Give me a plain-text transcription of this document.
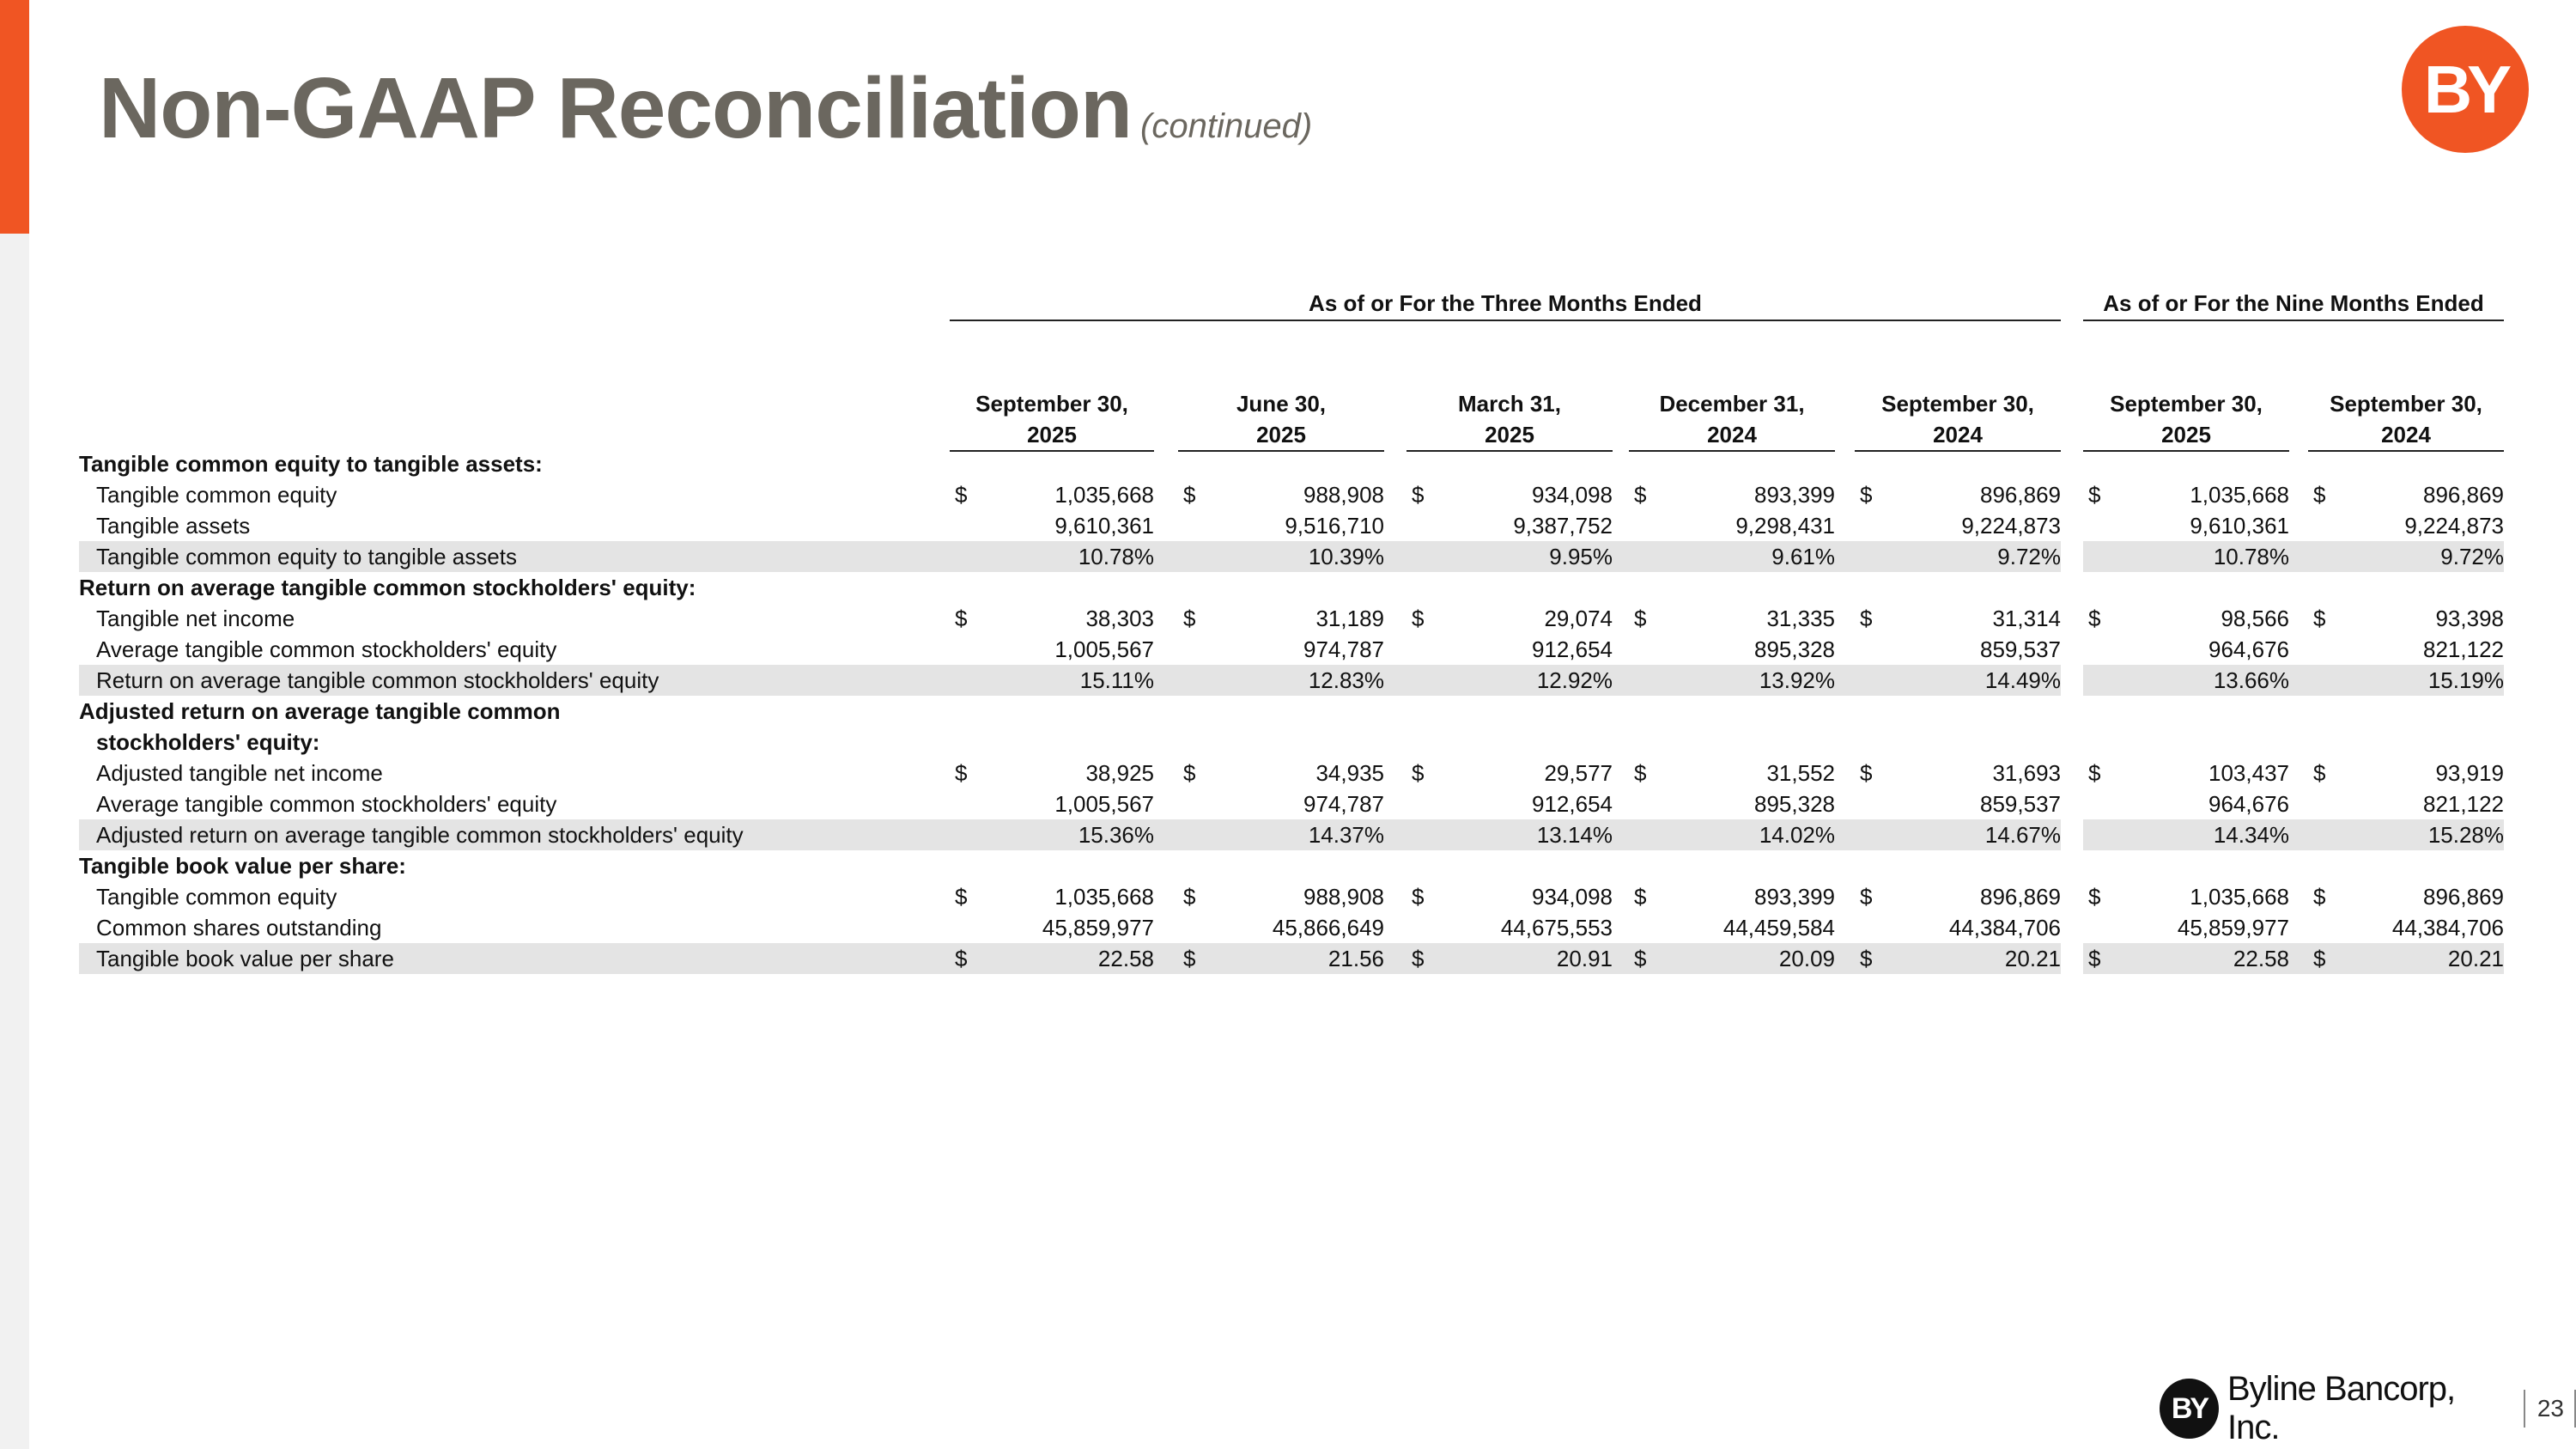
Non-GAAP Reconciliation (continued)	BY
As of or For the Three Months Ended	As of or For the Nine Months Ended
September 30,
2025
June 30,
2025
March 31,
2025
December 31,
2024
September 30,
2024
September 30,
2025
September 30,
2024
Tangible common equity to tangible assets:
Tangible common equity	$	1,035,668 $	988,908 $	934,098 $	893,399 $	896,869 $	1,035,668 $	896,869
Tangible assets	9,610,361	9,516,710	9,387,752	9,298,431	9,224,873	9,610,361	9,224,873
Tangible common equity to tangible assets	10.78%	10.39%	9.95%	9.61%	9.72%	10.78%	9.72%
Return on average tangible common stockholders' equity:
Tangible net income	$	38,303 $	31,189 $	29,074 $	31,335 $	31,314 $	98,566 $	93,398
Average tangible common stockholders' equity	1,005,567	974,787	912,654	895,328	859,537	964,676	821,122
Return on average tangible common stockholders' equity	15.11%	12.83%	12.92%	13.92%	14.49%	13.66%	15.19%
Adjusted return on average tangible common
stockholders' equity:
Adjusted tangible net income	$	38,925 $	34,935 $	29,577 $	31,552 $	31,693 $	103,437 $	93,919
Average tangible common stockholders' equity	1,005,567	974,787	912,654	895,328	859,537	964,676	821,122
Adjusted return on average tangible common stockholders' equity	15.36%	14.37%	13.14%	14.02%	14.67%	14.34%	15.28%
Tangible book value per share:
Tangible common equity	$	1,035,668 $	988,908 $	934,098 $	893,399 $	896,869 $	1,035,668 $	896,869
Common shares outstanding	45,859,977	45,866,649	44,675,553	44,459,584	44,384,706	45,859,977	44,384,706
Tangible book value per share	$	22.58 $	21.56 $	20.91 $	20.09 $	20.21 $	22.58 $	20.21
BY
Byline Bancorp, Inc.
23
